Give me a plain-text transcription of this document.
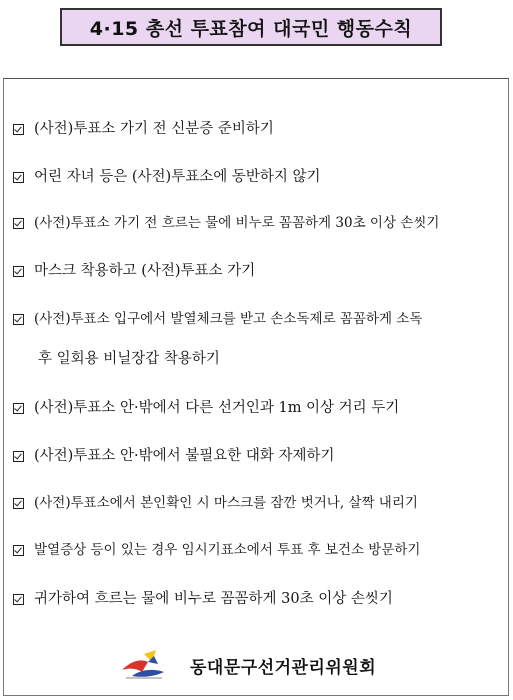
4·15 총선 투표참여 대국민 행동수칙
(사전)투표소 가기 전 신분증 준비하기
어린 자녀 등은 (사전)투표소에 동반하지 않기
(사전)투표소 가기 전 흐르는 물에 비누로 꼼꼼하게 30초 이상 손씻기
마스크 착용하고 (사전)투표소 가기
(사전)투표소 입구에서 발열체크를 받고 손소독제로 꼼꼼하게 소독
후 일회용 비닐장갑 착용하기
(사전)투표소 안·밖에서 다른 선거인과 1m 이상 거리 두기
(사전)투표소 안·밖에서 불필요한 대화 자제하기
(사전)투표소에서 본인확인 시 마스크를 잠깐 벗거나, 살짝 내리기
발열증상 등이 있는 경우 임시기표소에서 투표 후 보건소 방문하기
귀가하여 흐르는 물에 비누로 꼼꼼하게 30초 이상 손씻기
동대문구선거관리위원회
